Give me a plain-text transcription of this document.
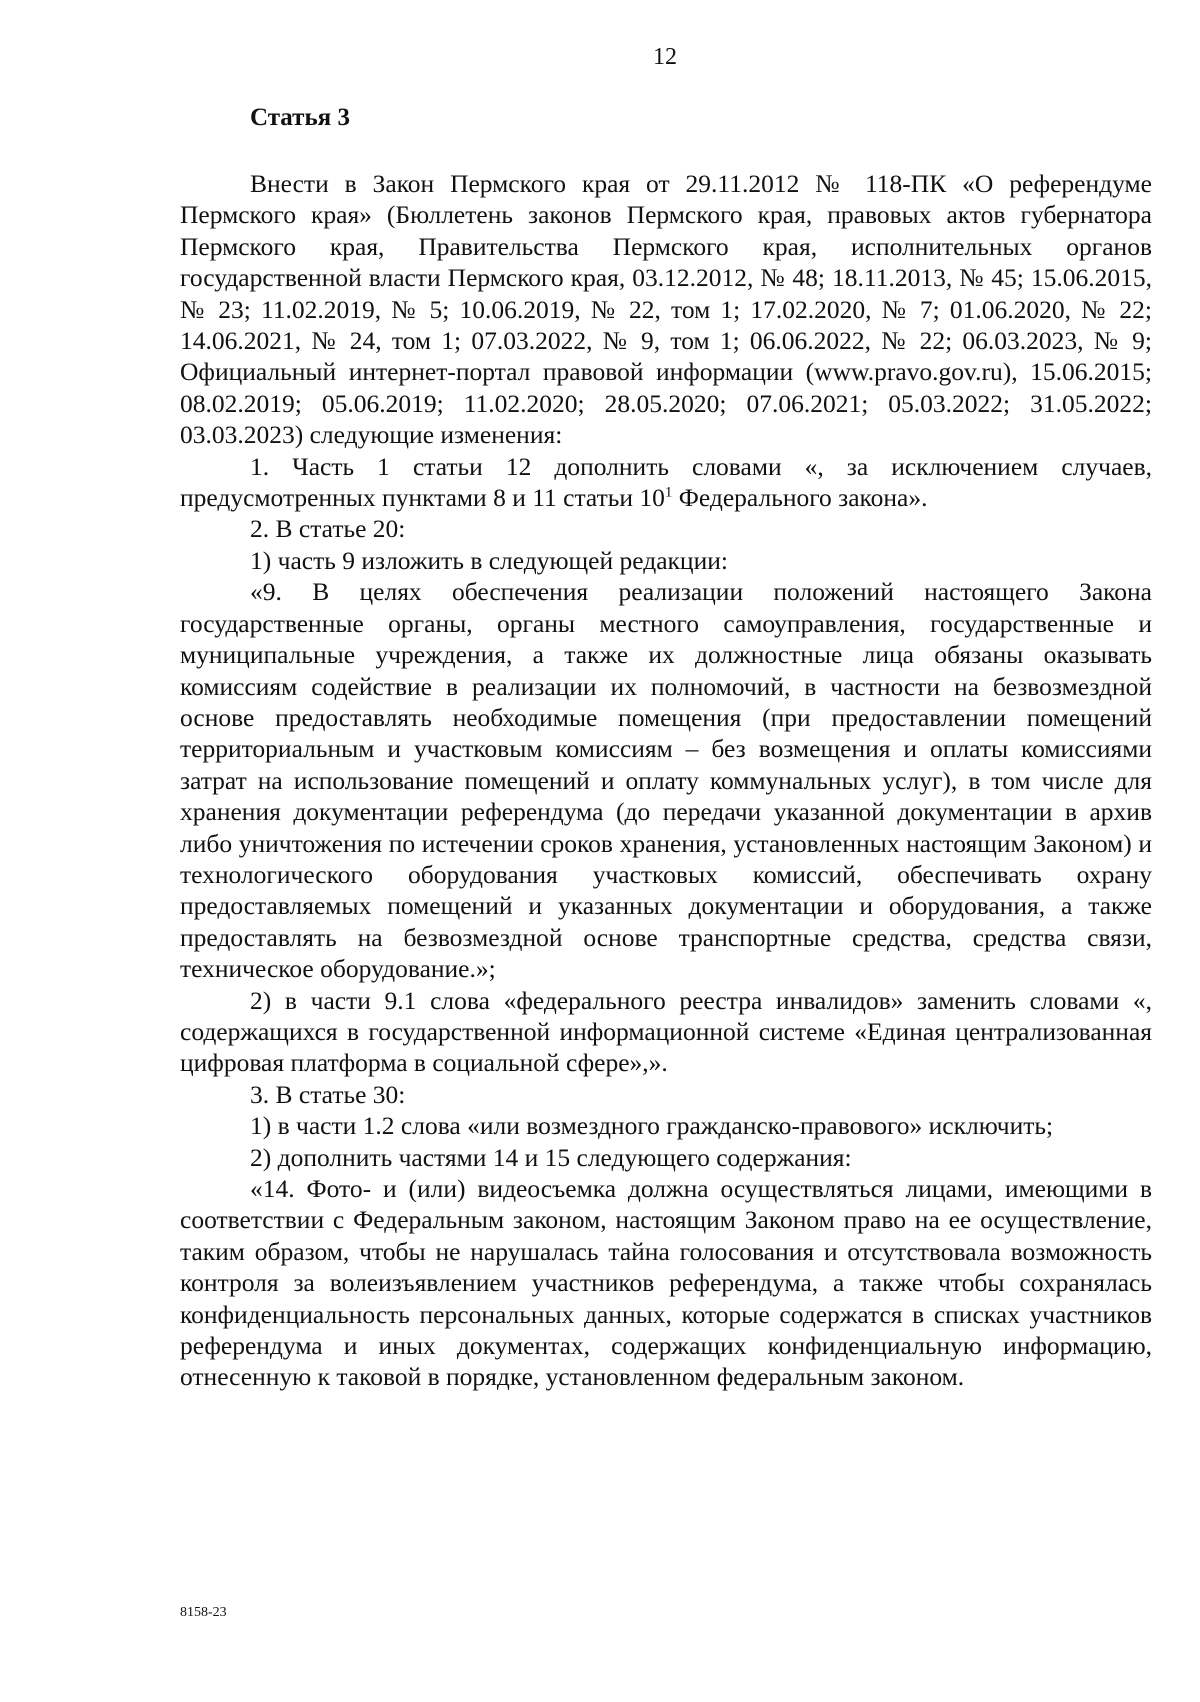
12
Статья 3

Внести в Закон Пермского края от 29.11.2012 № 118-ПК «О референдуме Пермского края» (Бюллетень законов Пермского края, правовых актов губернатора Пермского края, Правительства Пермского края, исполнительных органов государственной власти Пермского края, 03.12.2012, № 48; 18.11.2013, № 45; 15.06.2015, № 23; 11.02.2019, № 5; 10.06.2019, № 22, том 1; 17.02.2020, № 7; 01.06.2020, № 22; 14.06.2021, № 24, том 1; 07.03.2022, № 9, том 1; 06.06.2022, № 22; 06.03.2023, № 9; Официальный интернет-портал правовой информации (www.pravo.gov.ru), 15.06.2015; 08.02.2019; 05.06.2019; 11.02.2020; 28.05.2020; 07.06.2021; 05.03.2022; 31.05.2022; 03.03.2023) следующие изменения:

1. Часть 1 статьи 12 дополнить словами «, за исключением случаев, предусмотренных пунктами 8 и 11 статьи $10^1$ Федерального закона».

2. В статье 20:

1) часть 9 изложить в следующей редакции:

«9. В целях обеспечения реализации положений настоящего Закона государственные органы, органы местного самоуправления, государственные и муниципальные учреждения, а также их должностные лица обязаны оказывать комиссиям содействие в реализации их полномочий, в частности на безвозмездной основе предоставлять необходимые помещения (при предоставлении помещений территориальным и участковым комиссиям – без возмещения и оплаты комиссиями затрат на использование помещений и оплату коммунальных услуг), в том числе для хранения документации референдума (до передачи указанной документации в архив либо уничтожения по истечении сроков хранения, установленных настоящим Законом) и технологического оборудования участковых комиссий, обеспечивать охрану предоставляемых помещений и указанных документации и оборудования, а также предоставлять на безвозмездной основе транспортные средства, средства связи, техническое оборудование.»;

2) в части 9.1 слова «федерального реестра инвалидов» заменить словами «, содержащихся в государственной информационной системе «Единая централизованная цифровая платформа в социальной сфере»,».

3. В статье 30:

1) в части 1.2 слова «или возмездного гражданско-правового» исключить;

2) дополнить частями 14 и 15 следующего содержания:

«14. Фото- и (или) видеосъемка должна осуществляться лицами, имеющими в соответствии с Федеральным законом, настоящим Законом право на ее осуществление, таким образом, чтобы не нарушалась тайна голосования и отсутствовала возможность контроля за волеизъявлением участников референдума, а также чтобы сохранялась конфиденциальность персональных данных, которые содержатся в списках участников референдума и иных документах, содержащих конфиденциальную информацию, отнесенную к таковой в порядке, установленном федеральным законом.

8158-23
